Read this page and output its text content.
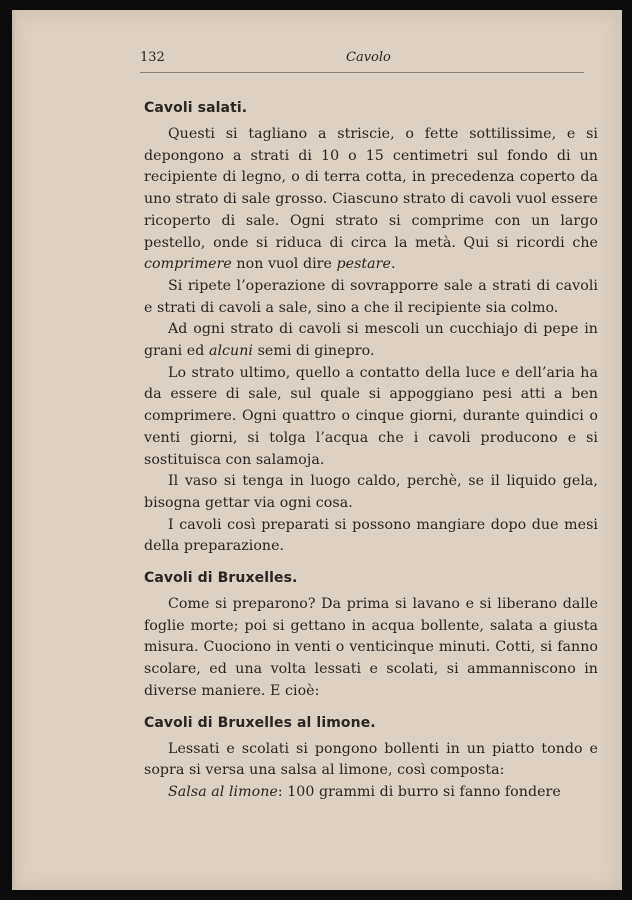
132	Cavolo
Cavoli salati.

Questi si tagliano a striscie, o fette sottilissime, e si depongono a strati di 10 o 15 centimetri sul fondo di un recipiente di legno, o di terra cotta, in precedenza coperto da uno strato di sale grosso. Ciascuno strato di cavoli vuol essere ricoperto di sale. Ogni strato si comprime con un largo pestello, onde si riduca di circa la metà. Qui si ricordi che comprimere non vuol dire pestare.

Si ripete l’operazione di sovrapporre sale a strati di cavoli e strati di cavoli a sale, sino a che il recipiente sia colmo.

Ad ogni strato di cavoli si mescoli un cucchiajo di pepe in grani ed alcuni semi di ginepro.

Lo strato ultimo, quello a contatto della luce e dell’aria ha da essere di sale, sul quale si appoggiano pesi atti a ben comprimere. Ogni quattro o cinque giorni, durante quindici o venti giorni, si tolga l’acqua che i cavoli producono e si sostituisca con salamoja.

Il vaso si tenga in luogo caldo, perchè, se il liquido gela, bisogna gettar via ogni cosa.

I cavoli così preparati si possono mangiare dopo due mesi della preparazione.

Cavoli di Bruxelles.

Come si preparono? Da prima si lavano e si liberano dalle foglie morte; poi si gettano in acqua bollente, salata a giusta misura. Cuociono in venti o venticinque minuti. Cotti, si fanno scolare, ed una volta lessati e scolati, si ammanniscono in diverse maniere. E cioè:

Cavoli di Bruxelles al limone.

Lessati e scolati si pongono bollenti in un piatto tondo e sopra si versa una salsa al limone, così composta:

Salsa al limone: 100 grammi di burro si fanno fondere
